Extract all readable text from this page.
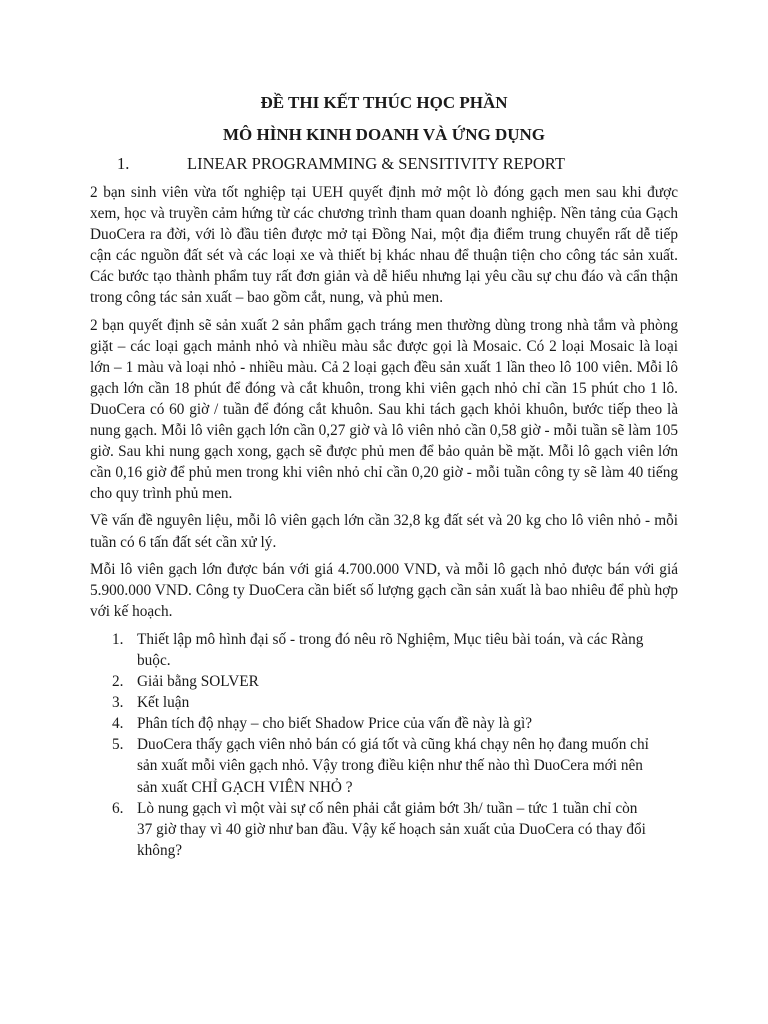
ĐỀ THI KẾT THÚC HỌC PHẦN
MÔ HÌNH KINH DOANH VÀ ỨNG DỤNG
1.	LINEAR PROGRAMMING & SENSITIVITY REPORT

2 bạn sinh viên vừa tốt nghiệp tại UEH quyết định mở một lò đóng gạch men sau khi được xem, học và truyền cảm hứng từ các chương trình tham quan doanh nghiệp. Nền tảng của Gạch DuoCera ra đời, với lò đầu tiên được mở tại Đồng Nai, một địa điểm trung chuyển rất dễ tiếp cận các nguồn đất sét và các loại xe và thiết bị khác nhau để thuận tiện cho công tác sản xuất. Các bước tạo thành phẩm tuy rất đơn giản và dễ hiểu nhưng lại yêu cầu sự chu đáo và cẩn thận trong công tác sản xuất – bao gồm cắt, nung, và phủ men.

2 bạn quyết định sẽ sản xuất 2 sản phẩm gạch tráng men thường dùng trong nhà tắm và phòng giặt – các loại gạch mảnh nhỏ và nhiều màu sắc được gọi là Mosaic. Có 2 loại Mosaic là loại lớn – 1 màu và loại nhỏ - nhiều màu. Cả 2 loại gạch đều sản xuất 1 lần theo lô 100 viên. Mỗi lô gạch lớn cần 18 phút để đóng và cắt khuôn, trong khi viên gạch nhỏ chỉ cần 15 phút cho 1 lô. DuoCera có 60 giờ / tuần để đóng cắt khuôn. Sau khi tách gạch khỏi khuôn, bước tiếp theo là nung gạch. Mỗi lô viên gạch lớn cần 0,27 giờ và lô viên nhỏ cần 0,58 giờ - mỗi tuần sẽ làm 105 giờ. Sau khi nung gạch xong, gạch sẽ được phủ men để bảo quản bề mặt. Mỗi lô gạch viên lớn cần 0,16 giờ để phủ men trong khi viên nhỏ chỉ cần 0,20 giờ - mỗi tuần công ty sẽ làm 40 tiếng cho quy trình phủ men.

Về vấn đề nguyên liệu, mỗi lô viên gạch lớn cần 32,8 kg đất sét và 20 kg cho lô viên nhỏ - mỗi tuần có 6 tấn đất sét cần xử lý.

Mỗi lô viên gạch lớn được bán với giá 4.700.000 VND, và mỗi lô gạch nhỏ được bán với giá 5.900.000 VND. Công ty DuoCera cần biết số lượng gạch cần sản xuất là bao nhiêu để phù hợp với kế hoạch.

1. Thiết lập mô hình đại số - trong đó nêu rõ Nghiệm, Mục tiêu bài toán, và các Ràng buộc.
2. Giải bằng SOLVER
3. Kết luận
4. Phân tích độ nhạy – cho biết Shadow Price của vấn đề này là gì?
5. DuoCera thấy gạch viên nhỏ bán có giá tốt và cũng khá chạy nên họ đang muốn chỉ sản xuất mỗi viên gạch nhỏ. Vậy trong điều kiện như thế nào thì DuoCera mới nên sản xuất CHỈ GẠCH VIÊN NHỎ ?
6. Lò nung gạch vì một vài sự cố nên phải cắt giảm bớt 3h/ tuần – tức 1 tuần chỉ còn 37 giờ thay vì 40 giờ như ban đầu. Vậy kế hoạch sản xuất của DuoCera có thay đổi không?
